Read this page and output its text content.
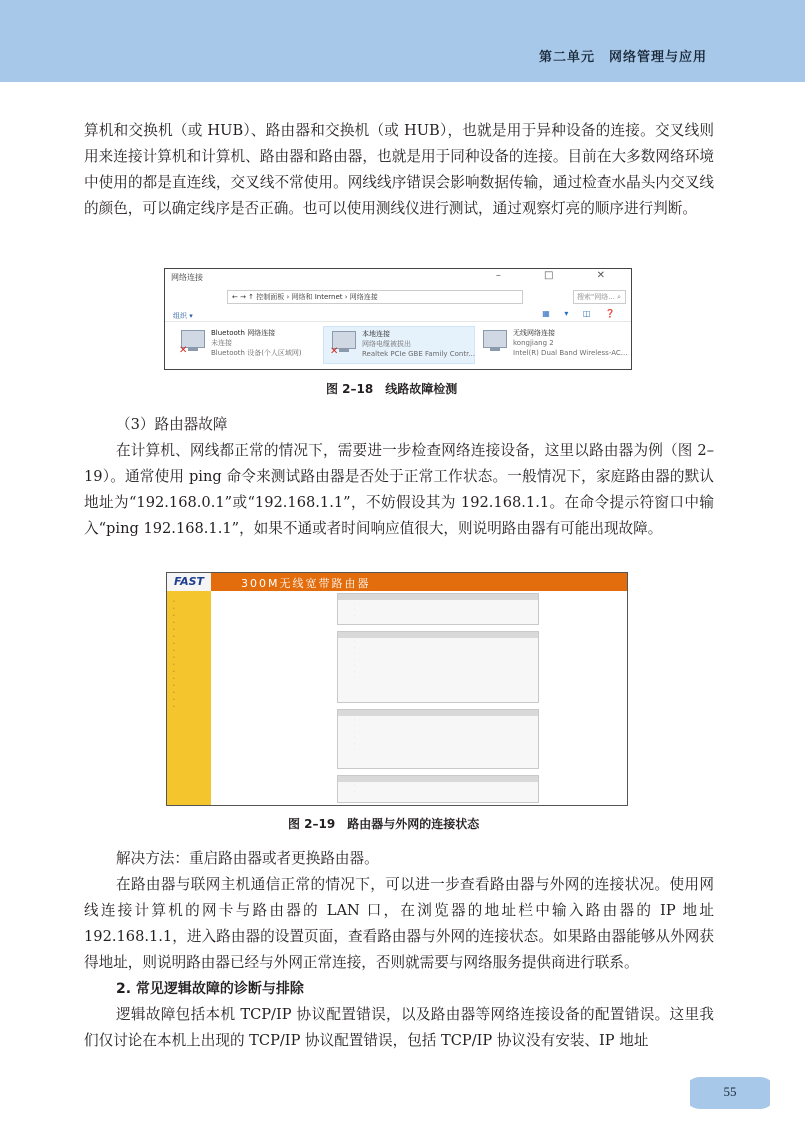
第二单元　网络管理与应用

算机和交换机（或 HUB）、路由器和交换机（或 HUB），也就是用于异种设备的连接。交叉线则用来连接计算机和计算机、路由器和路由器，也就是用于同种设备的连接。目前在大多数网络环境中使用的都是直连线，交叉线不常使用。网线线序错误会影响数据传输，通过检查水晶头内交叉线的颜色，可以确定线序是否正确。也可以使用测线仪进行测试，通过观察灯亮的顺序进行判断。

网络连接	– □ ✕
← → ↑ 控制面板 › 网络和 Internet › 网络连接	搜索"网络... ⌕
组织 ▾	▦ ▾ ◫ ❓
✕
Bluetooth 网络连接
未连接
Bluetooth 设备(个人区域网)	✕
本地连接
网络电缆被拔出
Realtek PCIe GBE Family Contr...
无线网络连接
kongjiang 2
Intel(R) Dual Band Wireless-AC...
图 2–18　线路故障检测

（3）路由器故障

在计算机、网线都正常的情况下，需要进一步检查网络连接设备，这里以路由器为例（图 2–19）。通常使用 ping 命令来测试路由器是否处于正常工作状态。一般情况下，家庭路由器的默认地址为“192.168.0.1”或“192.168.1.1”，不妨假设其为 192.168.1.1。在命令提示符窗口中输入“ping 192.168.1.1”，如果不通或者时间响应值很大，则说明路由器有可能出现故障。

FAST	300M无线宽带路由器

•
•
•
•
•
•
•
•
•
•
•
•
•
•
•
•
·
·
·
·
·
·
·
·
·
·
·
·
·
·
·
·
·
·
图 2–19　路由器与外网的连接状态

解决方法：重启路由器或者更换路由器。

在路由器与联网主机通信正常的情况下，可以进一步查看路由器与外网的连接状况。使用网线连接计算机的网卡与路由器的 LAN 口，在浏览器的地址栏中输入路由器的 IP 地址 192.168.1.1，进入路由器的设置页面，查看路由器与外网的连接状态。如果路由器能够从外网获得地址，则说明路由器已经与外网正常连接，否则就需要与网络服务提供商进行联系。

2. 常见逻辑故障的诊断与排除

逻辑故障包括本机 TCP/IP 协议配置错误，以及路由器等网络连接设备的配置错误。这里我们仅讨论在本机上出现的 TCP/IP 协议配置错误，包括 TCP/IP 协议没有安装、IP 地址

55
